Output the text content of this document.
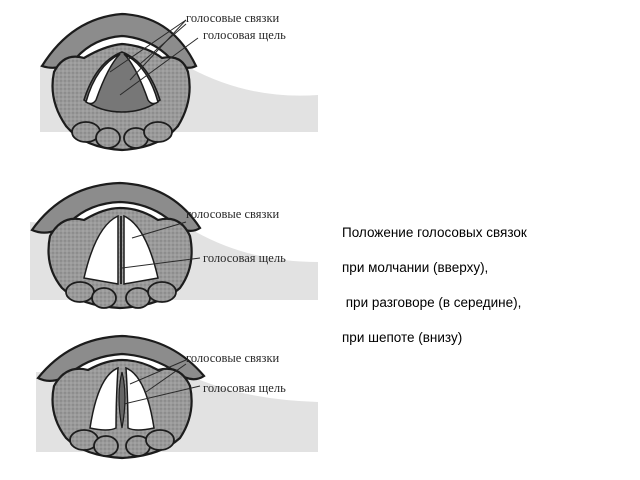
голосовые связки
голосовая щель
голосовые связки
голосовая щель
голосовые связки
голосовая щель

Положение голосовых связок

при молчании (вверху),

при разговоре (в середине),

при шепоте (внизу)
